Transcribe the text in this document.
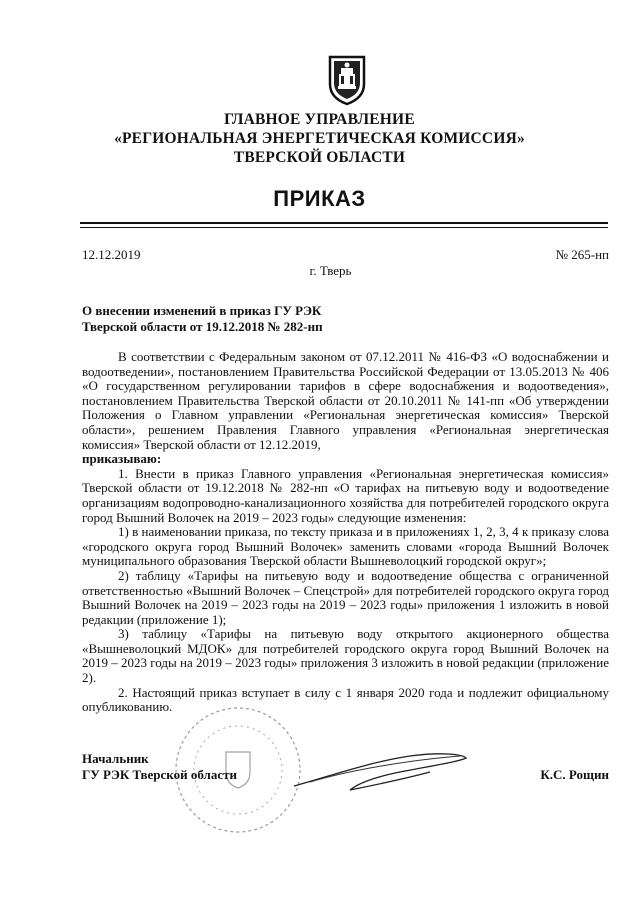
ГЛАВНОЕ УПРАВЛЕНИЕ
«РЕГИОНАЛЬНАЯ ЭНЕРГЕТИЧЕСКАЯ КОМИССИЯ»
ТВЕРСКОЙ ОБЛАСТИ
ПРИКАЗ
12.12.2019	№ 265-нп
г. Тверь
О внесении изменений в приказ ГУ РЭК
Тверской области от 19.12.2018 № 282-нп

В соответствии с Федеральным законом от 07.12.2011 № 416-ФЗ «О водоснабжении и водоотведении», постановлением Правительства Российской Федерации от 13.05.2013 № 406 «О государственном регулировании тарифов в сфере водоснабжения и водоотведения», постановлением Правительства Тверской области от 20.10.2011 № 141-пп «Об утверждении Положения о Главном управлении «Региональная энергетическая комиссия» Тверской области», решением Правления Главного управления «Региональная энергетическая комиссия» Тверской области от 12.12.2019,

приказываю:

1. Внести в приказ Главного управления «Региональная энергетическая комиссия» Тверской области от 19.12.2018 № 282-нп «О тарифах на питьевую воду и водоотведение организациям водопроводно-канализационного хозяйства для потребителей городского округа город Вышний Волочек на 2019 – 2023 годы» следующие изменения:

1) в наименовании приказа, по тексту приказа и в приложениях 1, 2, 3, 4 к приказу слова «городского округа город Вышний Волочек» заменить словами «города Вышний Волочек муниципального образования Тверской области Вышневолоцкий городской округ»;

2) таблицу «Тарифы на питьевую воду и водоотведение общества с ограниченной ответственностью «Вышний Волочек – Спецстрой» для потребителей городского округа город Вышний Волочек на 2019 – 2023 годы на 2019 – 2023 годы» приложения 1 изложить в новой редакции (приложение 1);

3) таблицу «Тарифы на питьевую воду открытого акционерного общества «Вышневолоцкий МДОК» для потребителей городского округа город Вышний Волочек на 2019 – 2023 годы на 2019 – 2023 годы» приложения 3 изложить в новой редакции (приложение 2).

2. Настоящий приказ вступает в силу с 1 января 2020 года и подлежит официальному опубликованию.

Начальник
ГУ РЭК Тверской области	К.С. Рощин
